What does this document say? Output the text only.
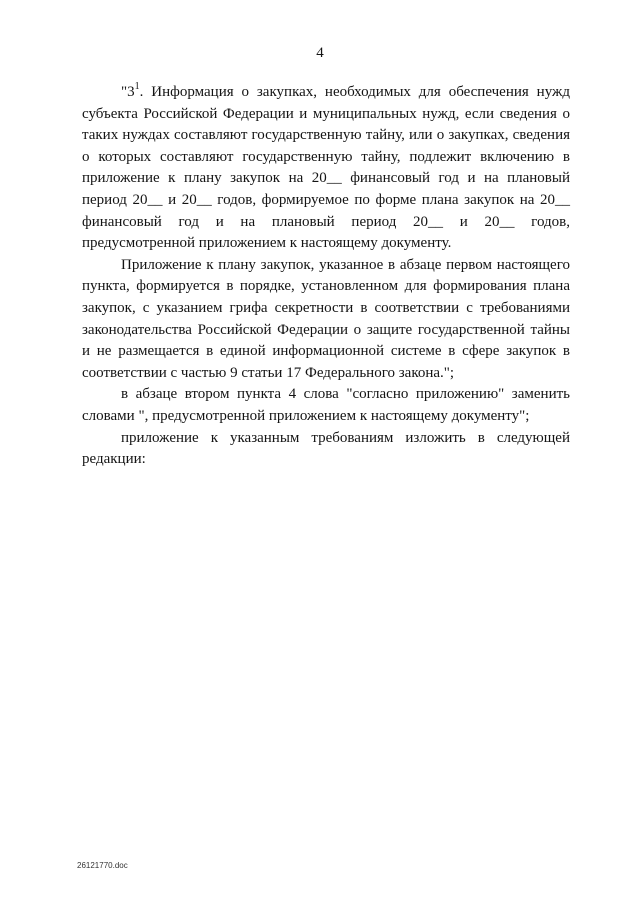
4

"$3^1$. Информация о закупках, необходимых для обеспечения нужд субъекта Российской Федерации и муниципальных нужд, если сведения о таких нуждах составляют государственную тайну, или о закупках, сведения о которых составляют государственную тайну, подлежит включению в приложение к плану закупок на 20__ финансовый год и на плановый период 20__ и 20__ годов, формируемое по форме плана закупок на 20__ финансовый год и на плановый период 20__ и 20__ годов, предусмотренной приложением к настоящему документу.

Приложение к плану закупок, указанное в абзаце первом настоящего пункта, формируется в порядке, установленном для формирования плана закупок, с указанием грифа секретности в соответствии с требованиями законодательства Российской Федерации о защите государственной тайны и не размещается в единой информационной системе в сфере закупок в соответствии с частью 9 статьи 17 Федерального закона.";

в абзаце втором пункта 4 слова "согласно приложению" заменить словами ", предусмотренной приложением к настоящему документу";

приложение к указанным требованиям изложить в следующей редакции:

26121770.doc
